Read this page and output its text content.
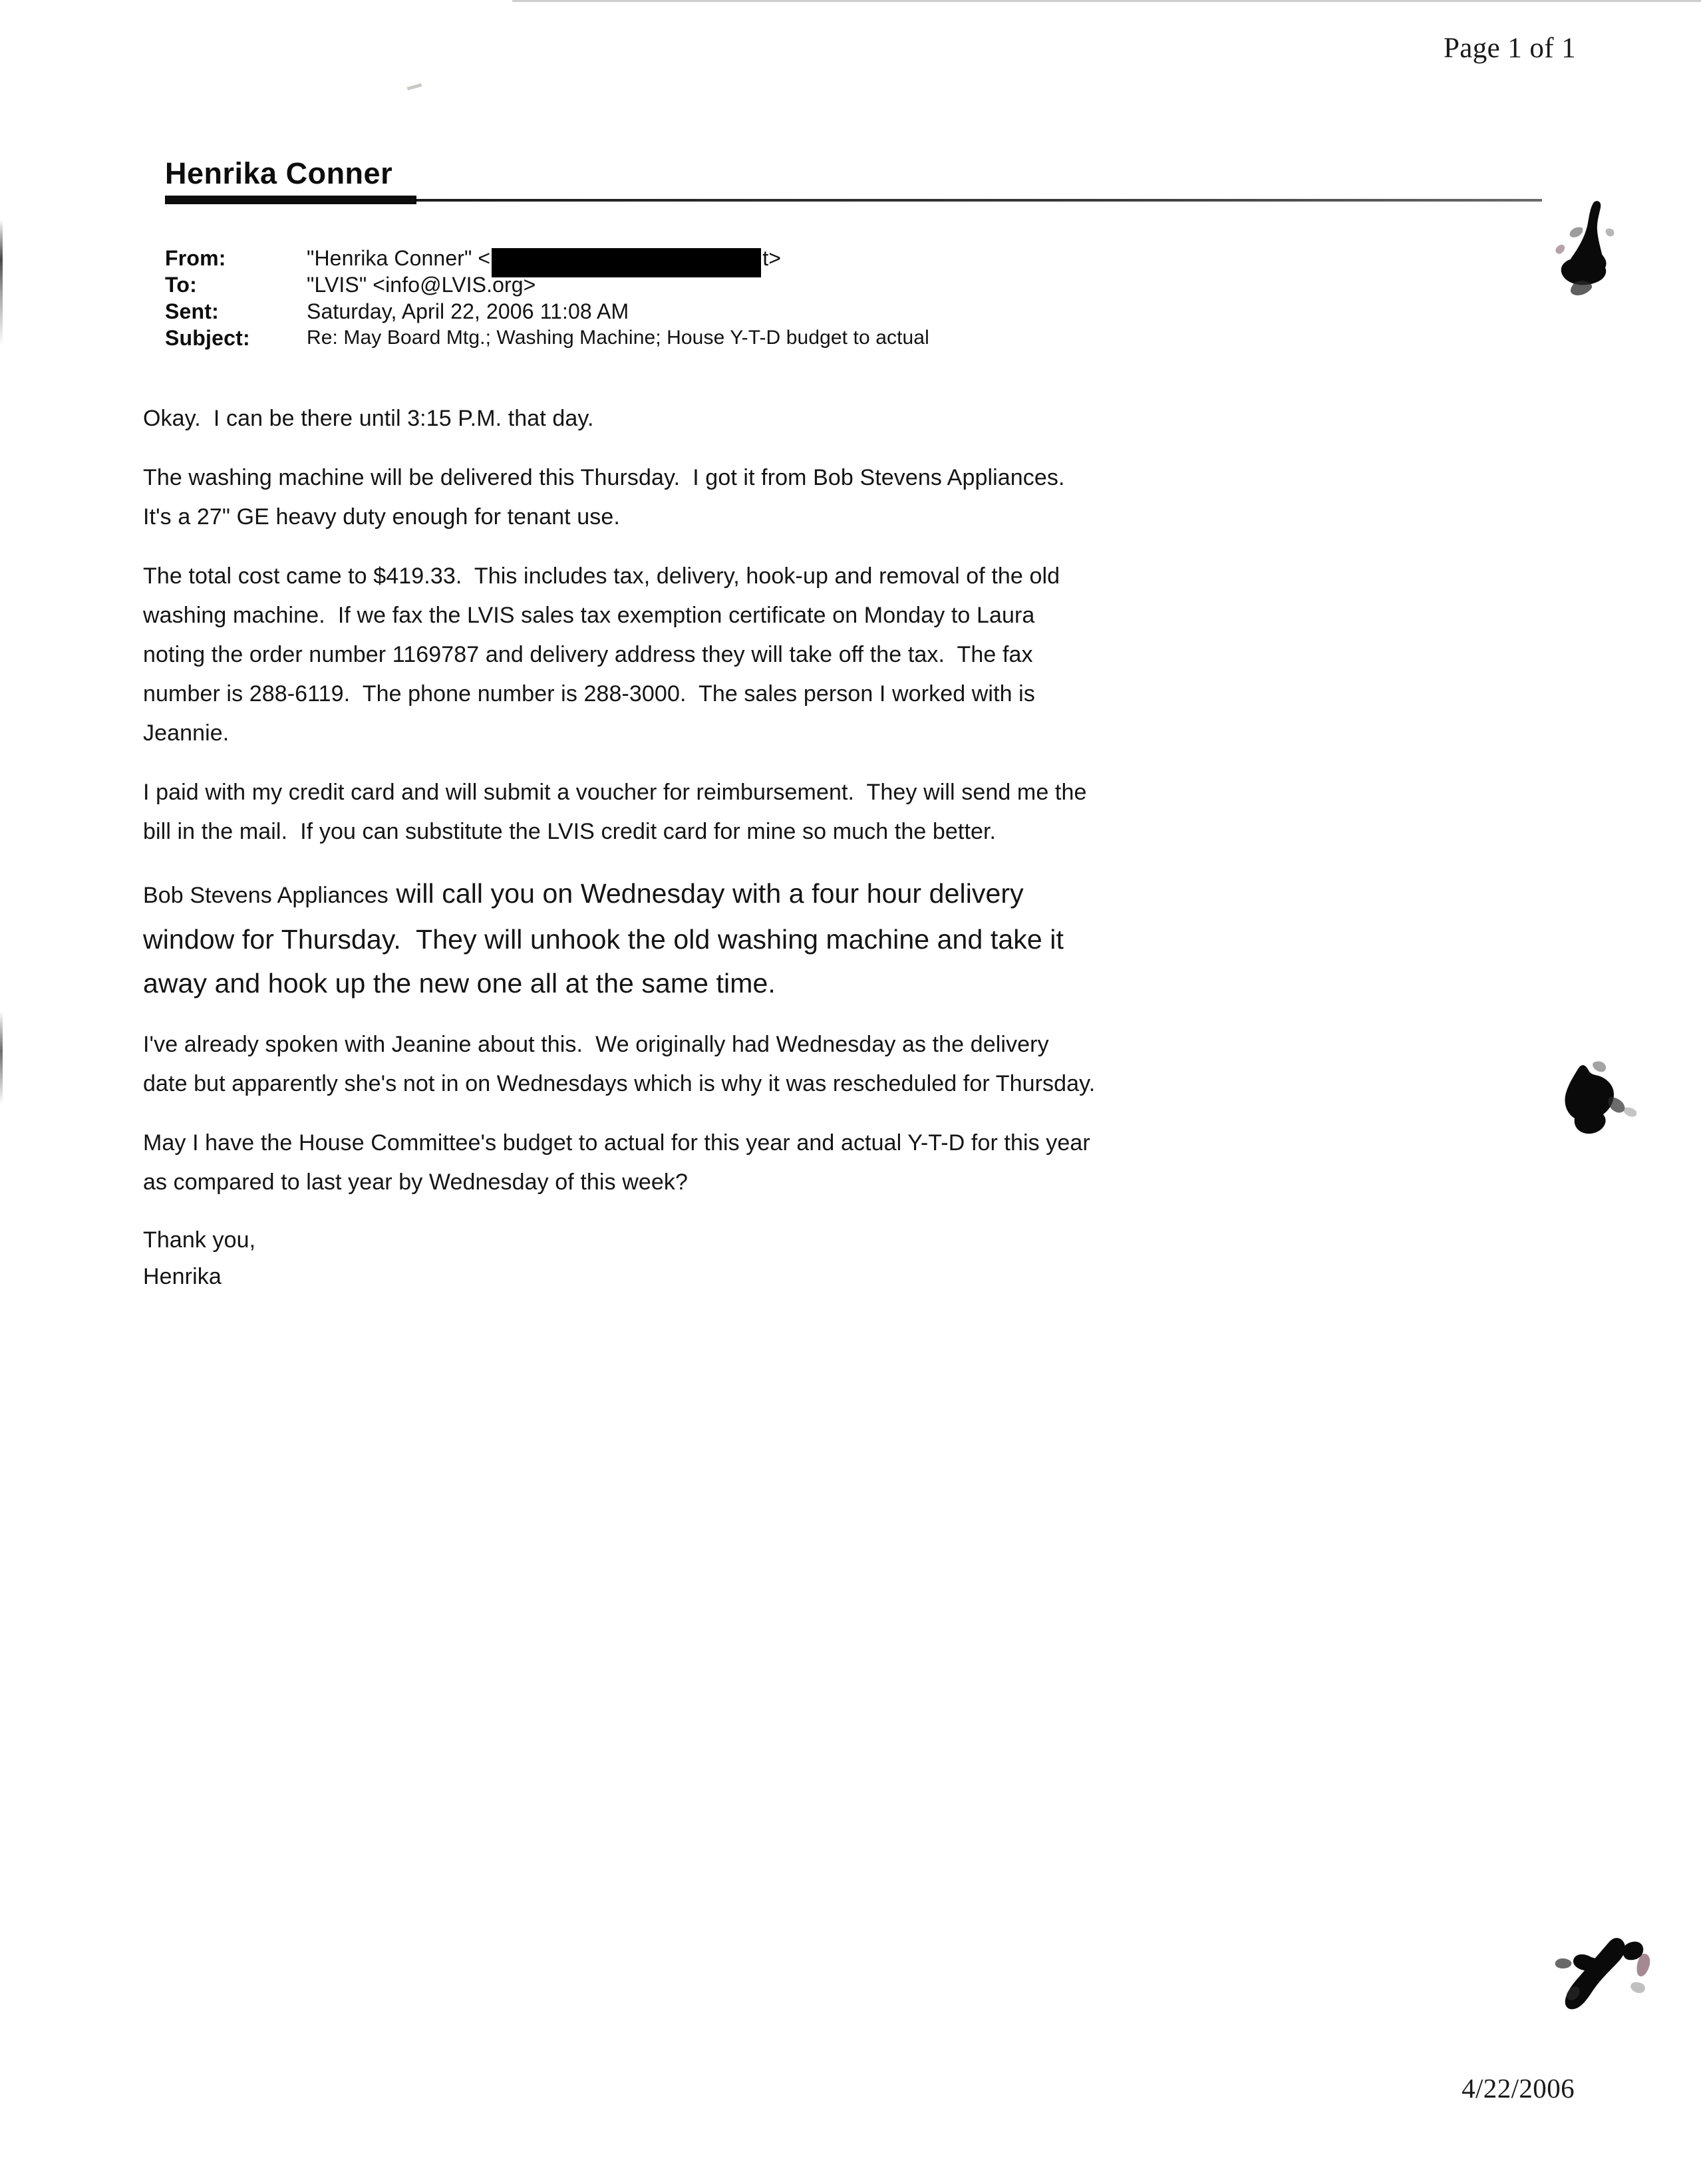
Page 1 of 1
Henrika Conner
From:	"Henrika Conner" <	t>
To:	"LVIS" <info@LVIS.org>
Sent:	Saturday, April 22, 2006 11:08 AM
Subject:	Re: May Board Mtg.; Washing Machine; House Y-T-D budget to actual

Okay.  I can be there until 3:15 P.M. that day.

The washing machine will be delivered this Thursday.  I got it from Bob Stevens Appliances.
It's a 27" GE heavy duty enough for tenant use.

The total cost came to $419.33.  This includes tax, delivery, hook-up and removal of the old
washing machine.  If we fax the LVIS sales tax exemption certificate on Monday to Laura
noting the order number 1169787 and delivery address they will take off the tax.  The fax
number is 288-6119.  The phone number is 288-3000.  The sales person I worked with is
Jeannie.

I paid with my credit card and will submit a voucher for reimbursement.  They will send me the
bill in the mail.  If you can substitute the LVIS credit card for mine so much the better.

Bob Stevens Appliances will call you on Wednesday with a four hour delivery
window for Thursday.  They will unhook the old washing machine and take it
away and hook up the new one all at the same time.

I've already spoken with Jeanine about this.  We originally had Wednesday as the delivery
date but apparently she's not in on Wednesdays which is why it was rescheduled for Thursday.

May I have the House Committee's budget to actual for this year and actual Y-T-D for this year
as compared to last year by Wednesday of this week?

Thank you,
Henrika

4/22/2006
